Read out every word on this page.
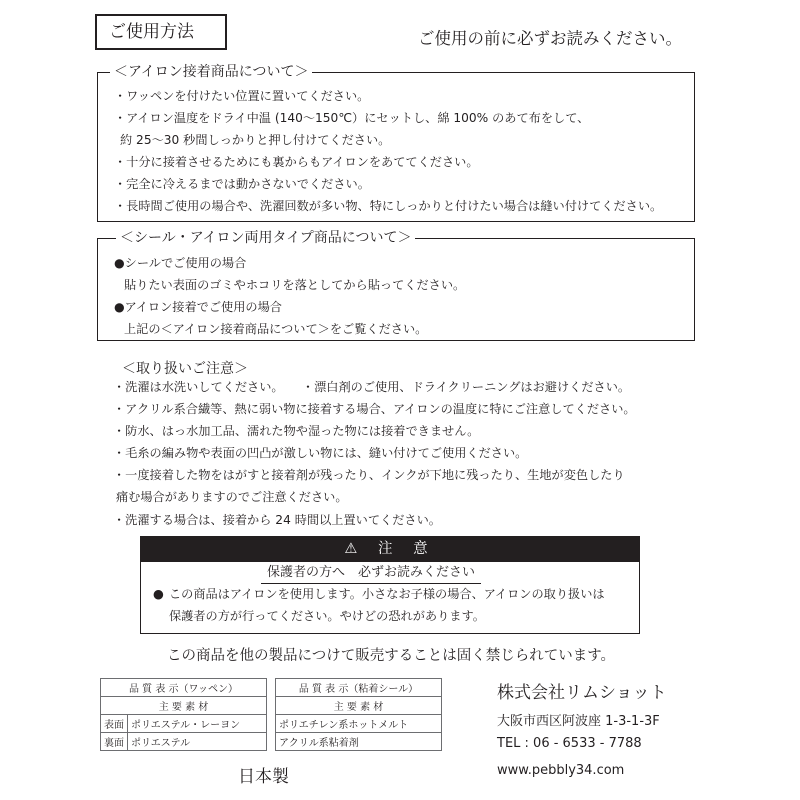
ご使用方法	ご使用の前に必ずお読みください。
＜アイロン接着商品について＞
・ワッペンを付けたい位置に置いてください。
・アイロン温度をドライ中温 (140～150℃）にセットし、綿 100% のあて布をして、
約 25～30 秒間しっかりと押し付けてください。
・十分に接着させるためにも裏からもアイロンをあててください。
・完全に冷えるまでは動かさないでください。
・長時間ご使用の場合や、洗濯回数が多い物、特にしっかりと付けたい場合は縫い付けてください。
＜シール・アイロン両用タイプ商品について＞
●シールでご使用の場合
貼りたい表面のゴミやホコリを落としてから貼ってください。
●アイロン接着でご使用の場合
上記の＜アイロン接着商品について＞をご覧ください。
＜取り扱いご注意＞
・洗濯は水洗いしてください。　　・漂白剤のご使用、ドライクリーニングはお避けください。
・アクリル系合繊等、熱に弱い物に接着する場合、アイロンの温度に特にご注意してください。
・防水、はっ水加工品、濡れた物や湿った物には接着できません。
・毛糸の編み物や表面の凹凸が激しい物には、縫い付けてご使用ください。
・一度接着した物をはがすと接着剤が残ったり、インクが下地に残ったり、生地が変色したり
痛む場合がありますのでご注意ください。
・洗濯する場合は、接着から 24 時間以上置いてください。
⚠ 注 意
保護者の方へ　必ずお読みください
● この商品はアイロンを使用します。小さなお子様の場合、アイロンの取り扱いは
保護者の方が行ってください。やけどの恐れがあります。
この商品を他の製品につけて販売することは固く禁じられています。
品 質 表 示（ワッペン）	
主 要 素 材	
表面	ポリエステル・レーヨン
裏面	ポリエステル
品 質 表 示（粘着シール）
主 要 素 材
ポリエチレン系ホットメルト
アクリル系粘着剤
日本製
株式会社リムショット
大阪市西区阿波座 1-3-1-3F
TEL : 06 - 6533 - 7788
www.pebbly34.com
